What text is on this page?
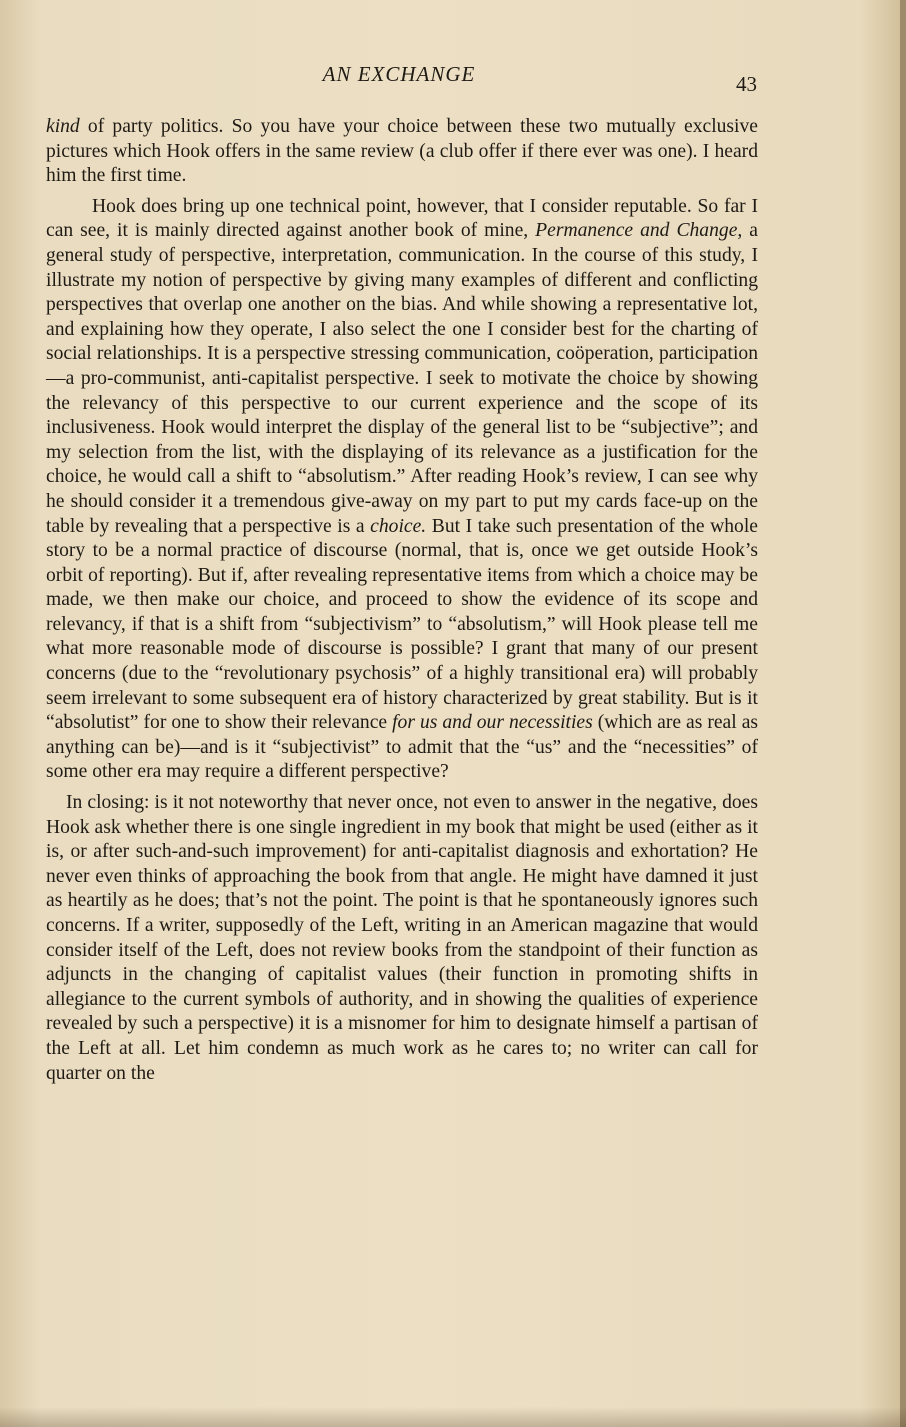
AN EXCHANGE	43

kind of party politics. So you have your choice between these two mutually exclusive pictures which Hook offers in the same review (a club offer if there ever was one). I heard him the first time.

Hook does bring up one technical point, however, that I consider reputable. So far I can see, it is mainly directed against another book of mine, Permanence and Change, a general study of perspective, interpretation, communication. In the course of this study, I illustrate my notion of perspective by giving many examples of different and conflicting perspectives that overlap one another on the bias. And while showing a representative lot, and explaining how they operate, I also select the one I consider best for the charting of social relationships. It is a perspective stressing communication, coöperation, participation—a pro-communist, anti-capitalist perspective. I seek to motivate the choice by showing the relevancy of this perspective to our current experience and the scope of its inclusiveness. Hook would interpret the display of the general list to be “subjective”; and my selection from the list, with the displaying of its relevance as a justification for the choice, he would call a shift to “absolutism.” After reading Hook’s review, I can see why he should consider it a tremendous give-away on my part to put my cards face-up on the table by revealing that a perspective is a choice. But I take such presentation of the whole story to be a normal practice of discourse (normal, that is, once we get outside Hook’s orbit of reporting). But if, after revealing representative items from which a choice may be made, we then make our choice, and proceed to show the evidence of its scope and relevancy, if that is a shift from “subjectivism” to “absolutism,” will Hook please tell me what more reasonable mode of discourse is possible? I grant that many of our present concerns (due to the “revolutionary psychosis” of a highly transitional era) will probably seem irrelevant to some subsequent era of history characterized by great stability. But is it “absolutist” for one to show their relevance for us and our necessities (which are as real as anything can be)—and is it “subjectivist” to admit that the “us” and the “necessities” of some other era may require a different perspective?

In closing: is it not noteworthy that never once, not even to answer in the negative, does Hook ask whether there is one single ingredient in my book that might be used (either as it is, or after such-and-such improvement) for anti-capitalist diagnosis and exhortation? He never even thinks of approaching the book from that angle. He might have damned it just as heartily as he does; that’s not the point. The point is that he spontaneously ignores such concerns. If a writer, supposedly of the Left, writing in an American magazine that would consider itself of the Left, does not review books from the standpoint of their function as adjuncts in the changing of capitalist values (their function in promoting shifts in allegiance to the current symbols of authority, and in showing the qualities of experience revealed by such a perspective) it is a misnomer for him to designate himself a partisan of the Left at all. Let him condemn as much work as he cares to; no writer can call for quarter on the
